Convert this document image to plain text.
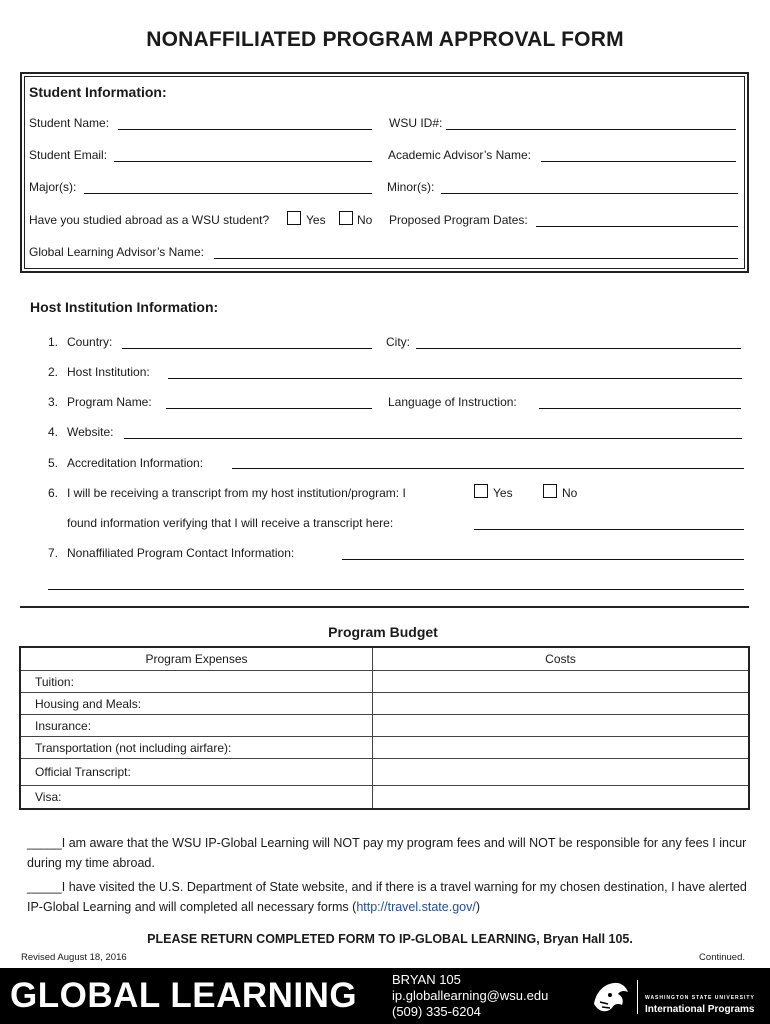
NONAFFILIATED PROGRAM APPROVAL FORM
Student Information:
Student Name:	WSU ID#:
Student Email:	Academic Advisor’s Name:
Major(s):	Minor(s):
Have you studied abroad as a WSU student?	Yes	No Proposed Program Dates:
Global Learning Advisor’s Name:
Host Institution Information:
1. Country:	City:
2. Host Institution:
3. Program Name:	Language of Instruction:
4. Website:
5. Accreditation Information:
6. I will be receiving a transcript from my host institution/program: I	Yes	No
found information verifying that I will receive a transcript here:
7. Nonaffiliated Program Contact Information:
Program Budget
Program Expenses	Costs
Tuition:	
Housing and Meals:	
Insurance:	
Transportation (not including airfare):	
Official Transcript:	
Visa:	
_____I am aware that the WSU IP-Global Learning will NOT pay my program fees and will NOT be responsible for any fees I incur during my time abroad.
_____I have visited the U.S. Department of State website, and if there is a travel warning for my chosen destination, I have alerted IP-Global Learning and will completed all necessary forms (http://travel.state.gov/)
PLEASE RETURN COMPLETED FORM TO IP-GLOBAL LEARNING, Bryan Hall 105.
Revised August 18, 2016	Continued.
GLOBAL LEARNING	BRYAN 105
ip.globallearning@wsu.edu
(509) 335-6204
WASHINGTON STATE UNIVERSITY
International Programs
